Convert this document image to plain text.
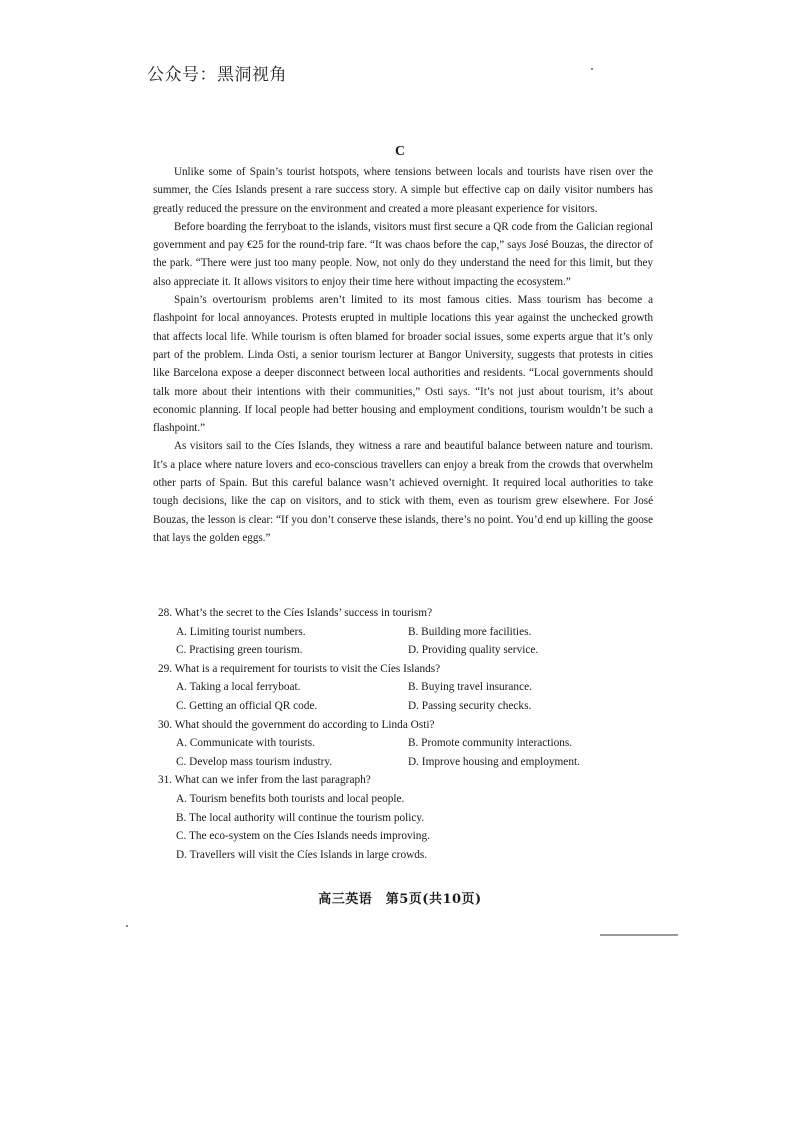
公众号：黑洞视角
C

Unlike some of Spain’s tourist hotspots, where tensions between locals and tourists have risen over the summer, the Cíes Islands present a rare success story. A simple but effective cap on daily visitor numbers has greatly reduced the pressure on the environment and created a more pleasant experience for visitors.

Before boarding the ferryboat to the islands, visitors must first secure a QR code from the Galician regional government and pay €25 for the round-trip fare. “It was chaos before the cap,” says José Bouzas, the director of the park. “There were just too many people. Now, not only do they understand the need for this limit, but they also appreciate it. It allows visitors to enjoy their time here without impacting the ecosystem.”

Spain’s overtourism problems aren’t limited to its most famous cities. Mass tourism has become a flashpoint for local annoyances. Protests erupted in multiple locations this year against the unchecked growth that affects local life. While tourism is often blamed for broader social issues, some experts argue that it’s only part of the problem. Linda Osti, a senior tourism lecturer at Bangor University, suggests that protests in cities like Barcelona expose a deeper disconnect between local authorities and residents. “Local governments should talk more about their intentions with their communities,” Osti says. “It’s not just about tourism, it’s about economic planning. If local people had better housing and employment conditions, tourism wouldn’t be such a flashpoint.”

As visitors sail to the Cíes Islands, they witness a rare and beautiful balance between nature and tourism. It’s a place where nature lovers and eco-conscious travellers can enjoy a break from the crowds that overwhelm other parts of Spain. But this careful balance wasn’t achieved overnight. It required local authorities to take tough decisions, like the cap on visitors, and to stick with them, even as tourism grew elsewhere. For José Bouzas, the lesson is clear: “If you don’t conserve these islands, there’s no point. You’d end up killing the goose that lays the golden eggs.”

28. What’s the secret to the Cíes Islands’ success in tourism?

A. Limiting tourist numbers.	B. Building more facilities.
C. Practising green tourism.	D. Providing quality service.

29. What is a requirement for tourists to visit the Cíes Islands?

A. Taking a local ferryboat.	B. Buying travel insurance.
C. Getting an official QR code.	D. Passing security checks.

30. What should the government do according to Linda Osti?

A. Communicate with tourists.	B. Promote community interactions.
C. Develop mass tourism industry.	D. Improve housing and employment.

31. What can we infer from the last paragraph?

A. Tourism benefits both tourists and local people.
B. The local authority will continue the tourism policy.
C. The eco-system on the Cíes Islands needs improving.
D. Travellers will visit the Cíes Islands in large crowds.
高三英语　第5页(共10页)
